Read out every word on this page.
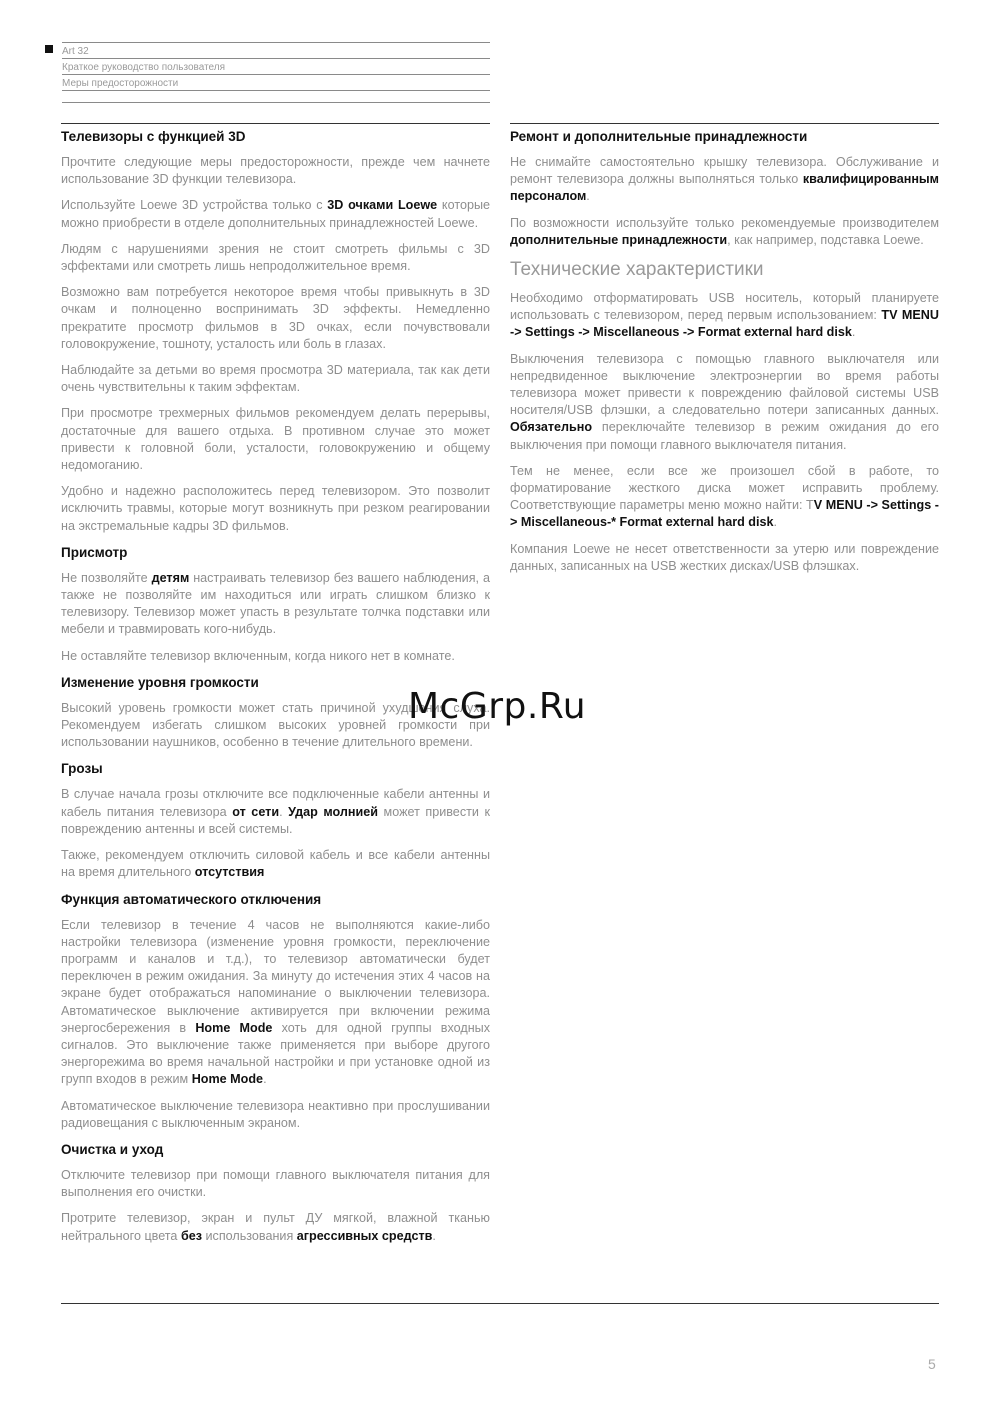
Art 32
Краткое руководство пользователя
Меры предосторожности
Телевизоры с функцией 3D

Прочтите следующие меры предосторожности, прежде чем начнете использование 3D функции телевизора.

Используйте Loewe 3D устройства только с 3D очками Loewe которые можно приобрести в отделе дополнительных принадлежностей Loewe.

Людям с нарушениями зрения не стоит смотреть фильмы с 3D эффектами или смотреть лишь непродолжительное время.

Возможно вам потребуется некоторое время чтобы привыкнуть в 3D очкам и полноценно воспринимать 3D эффекты. Немедленно прекратите просмотр фильмов в 3D очках, если почувствовали головокружение, тошноту, усталость или боль в глазах.

Наблюдайте за детьми во время просмотра 3D материала, так как дети очень чувствительны к таким эффектам.

При просмотре трехмерных фильмов рекомендуем делать перерывы, достаточные для вашего отдыха. В противном случае это может привести к головной боли, усталости, головокружению и общему недомоганию.

Удобно и надежно расположитесь перед телевизором. Это позволит исключить травмы, которые могут возникнуть при резком реагировании на экстремальные кадры 3D фильмов.

Присмотр

Не позволяйте детям настраивать телевизор без вашего наблюдения, а также не позволяйте им находиться или играть слишком близко к телевизору. Телевизор может упасть в результате толчка подставки или мебели и травмировать кого-нибудь.

Не оставляйте телевизор включенным, когда никого нет в комнате.

Изменение уровня громкости

Высокий уровень громкости может стать причиной ухудшения слуха. Рекомендуем избегать слишком высоких уровней громкости при использовании наушников, особенно в течение длительного времени.

Грозы

В случае начала грозы отключите все подключенные кабели антенны и кабель питания телевизора от сети. Удар молнией может привести к повреждению антенны и всей системы.

Также, рекомендуем отключить силовой кабель и все кабели антенны на время длительного отсутствия

Функция автоматического отключения

Если телевизор в течение 4 часов не выполняются какие-либо настройки телевизора (изменение уровня громкости, переключение программ и каналов и т.д.), то телевизор автоматически будет переключен в режим ожидания. За минуту до истечения этих 4 часов на экране будет отображаться напоминание о выключении телевизора. Автоматическое выключение активируется при включении режима энергосбережения в Home Mode хоть для одной группы входных сигналов. Это выключение также применяется при выборе другого энергорежима во время начальной настройки и при установке одной из групп входов в режим Home Mode.

Автоматическое выключение телевизора неактивно при прослушивании радиовещания с выключенным экраном.

Очистка и уход

Отключите телевизор при помощи главного выключателя питания для выполнения его очистки.

Протрите телевизор, экран и пульт ДУ мягкой, влажной тканью нейтрального цвета без использования агрессивных средств.

Ремонт и дополнительные принадлежности

Не снимайте самостоятельно крышку телевизора. Обслуживание и ремонт телевизора должны выполняться только квалифицированным персоналом.

По возможности используйте только рекомендуемые производителем дополнительные принадлежности, как например, подставка Loewe.

Технические характеристики

Необходимо отформатировать USB носитель, который планируете использовать с телевизором, перед первым использованием: TV MENU -> Settings -> Miscellaneous -> Format external hard disk.

Выключения телевизора с помощью главного выключателя или непредвиденное выключение электроэнергии во время работы телевизора может привести к повреждению файловой системы USB носителя/USB флэшки, а следовательно потери записанных данных. Обязательно переключайте телевизор в режим ожидания до его выключения при помощи главного выключателя питания.

Тем не менее, если все же произошел сбой в работе, то форматирование жесткого диска может исправить проблему. Соответствующие параметры меню можно найти: TV MENU -> Settings -> Miscellaneous-* Format external hard disk.

Компания Loewe не несет ответственности за утерю или повреждение данных, записанных на USB жестких дисках/USB флэшках.

McGrp.Ru
5
